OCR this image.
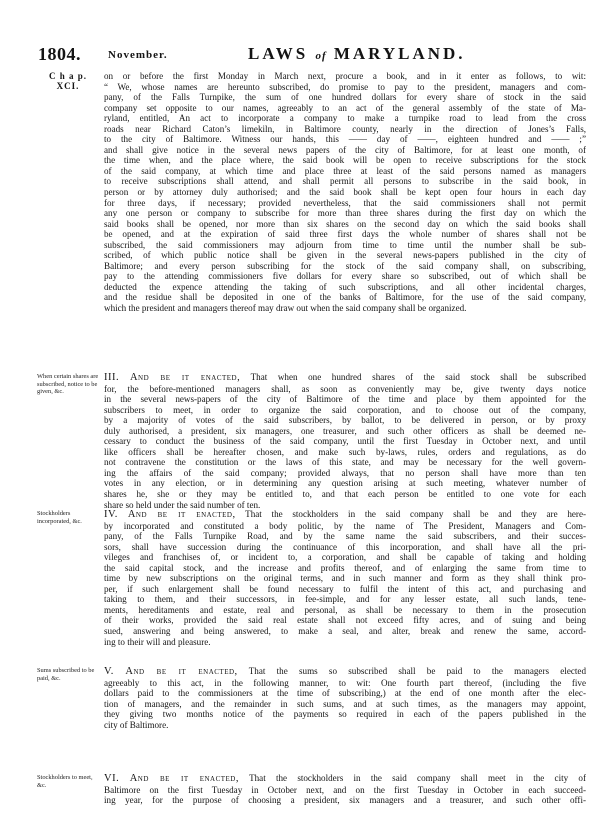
1804. November.	LAWS of MARYLAND.
C h a p.
XCI.
When certain shares are subscribed, notice to be given, &c.
Stockholders incorporated, &c.
Sums subscribed to be paid, &c.
Stockholders to meet, &c.
on or before the first Monday in March next, procure a book, and in it enter as follows, to wit:
“ We, whose names are hereunto subscribed, do promise to pay to the president, managers and com-
pany, of the Falls Turnpike, the sum of one hundred dollars for every share of stock in the said
company set opposite to our names, agreeably to an act of the general assembly of the state of Ma-
ryland, entitled, An act to incorporate a company to make a turnpike road to lead from the cross
roads near Richard Caton’s limekiln, in Baltimore county, nearly in the direction of Jones’s Falls,
to the city of Baltimore. Witness our hands, this —— day of ——, eighteen hundred and —— ;”
and shall give notice in the several news papers of the city of Baltimore, for at least one month, of
the time when, and the place where, the said book will be open to receive subscriptions for the stock
of the said company, at which time and place three at least of the said persons named as managers
to receive subscriptions shall attend, and shall permit all persons to subscribe in the said book, in
person or by attorney duly authorised; and the said book shall be kept open four hours in each day
for three days, if necessary; provided nevertheless, that the said commissioners shall not permit
any one person or company to subscribe for more than three shares during the first day on which the
said books shall be opened, nor more than six shares on the second day on which the said books shall
be opened, and at the expiration of said three first days the whole number of shares shall not be
subscribed, the said commissioners may adjourn from time to time until the number shall be sub-
scribed, of which public notice shall be given in the several news-papers published in the city of
Baltimore; and every person subscribing for the stock of the said company shall, on subscribing,
pay to the attending commissioners five dollars for every share so subscribed, out of which shall be
deducted the expence attending the taking of such subscriptions, and all other incidental charges,
and the residue shall be deposited in one of the banks of Baltimore, for the use of the said company,
which the president and managers thereof may draw out when the said company shall be organized.
III. And be it enacted, That when one hundred shares of the said stock shall be subscribed
for, the before-mentioned managers shall, as soon as conveniently may be, give twenty days notice
in the several news-papers of the city of Baltimore of the time and place by them appointed for the
subscribers to meet, in order to organize the said corporation, and to choose out of the company,
by a majority of votes of the said subscribers, by ballot, to be delivered in person, or by proxy
duly authorised, a president, six managers, one treasurer, and such other officers as shall be deemed ne-
cessary to conduct the business of the said company, until the first Tuesday in October next, and until
like officers shall be hereafter chosen, and make such by-laws, rules, orders and regulations, as do
not contravene the constitution or the laws of this state, and may be necessary for the well govern-
ing the affairs of the said company; provided always, that no person shall have more than ten
votes in any election, or in determining any question arising at such meeting, whatever number of
shares he, she or they may be entitled to, and that each person be entitled to one vote for each
share so held under the said number of ten.
IV. And be it enacted, That the stockholders in the said company shall be and they are here-
by incorporated and constituted a body politic, by the name of The President, Managers and Com-
pany, of the Falls Turnpike Road, and by the same name the said subscribers, and their succes-
sors, shall have succession during the continuance of this incorporation, and shall have all the pri-
vileges and franchises of, or incident to, a corporation, and shall be capable of taking and holding
the said capital stock, and the increase and profits thereof, and of enlarging the same from time to
time by new subscriptions on the original terms, and in such manner and form as they shall think pro-
per, if such enlargement shall be found necessary to fulfil the intent of this act, and purchasing and
taking to them, and their successors, in fee-simple, and for any lesser estate, all such lands, tene-
ments, hereditaments and estate, real and personal, as shall be necessary to them in the prosecution
of their works, provided the said real estate shall not exceed fifty acres, and of suing and being
sued, answering and being answered, to make a seal, and alter, break and renew the same, accord-
ing to their will and pleasure.
V. And be it enacted, That the sums so subscribed shall be paid to the managers elected
agreeably to this act, in the following manner, to wit: One fourth part thereof, (including the five
dollars paid to the commissioners at the time of subscribing,) at the end of one month after the elec-
tion of managers, and the remainder in such sums, and at such times, as the managers may appoint,
they giving two months notice of the payments so required in each of the papers published in the
city of Baltimore.
VI. And be it enacted, That the stockholders in the said company shall meet in the city of
Baltimore on the first Tuesday in October next, and on the first Tuesday in October in each succeed-
ing year, for the purpose of choosing a president, six managers and a treasurer, and such other offi-
